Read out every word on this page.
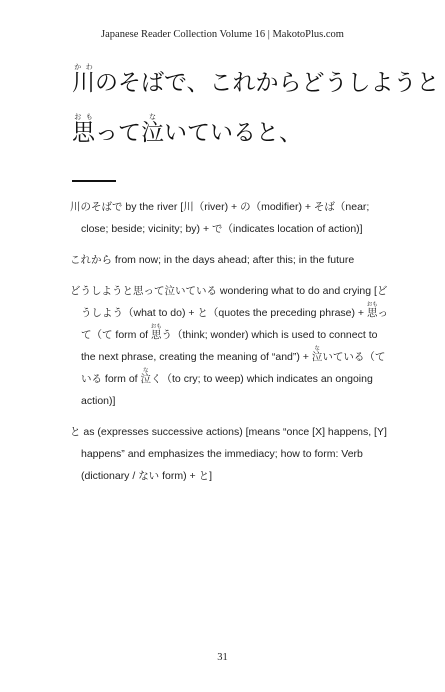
Japanese Reader Collection Volume 16 | MakotoPlus.com
川かわのそばで、これからどうしようと
思おもって泣ないていると、
川のそばで by the river [川（river) + の（modifier) + そば（near; close; beside; vicinity; by) + で（indicates location of action)]
これから from now; in the days ahead; after this; in the future
どうしようと思って泣いている wondering what to do and crying [どうしよう（what to do) + と（quotes the preceding phrase) + 思おもって（て form of 思おもう（think; wonder) which is used to connect to the next phrase, creating the meaning of “and”) + 泣ないている（ている form of 泣なく（to cry; to weep) which indicates an ongoing action)]
と as (expresses successive actions) [means “once [X] happens, [Y] happens” and emphasizes the immediacy; how to form: Verb (dictionary / ない form) + と]
31
